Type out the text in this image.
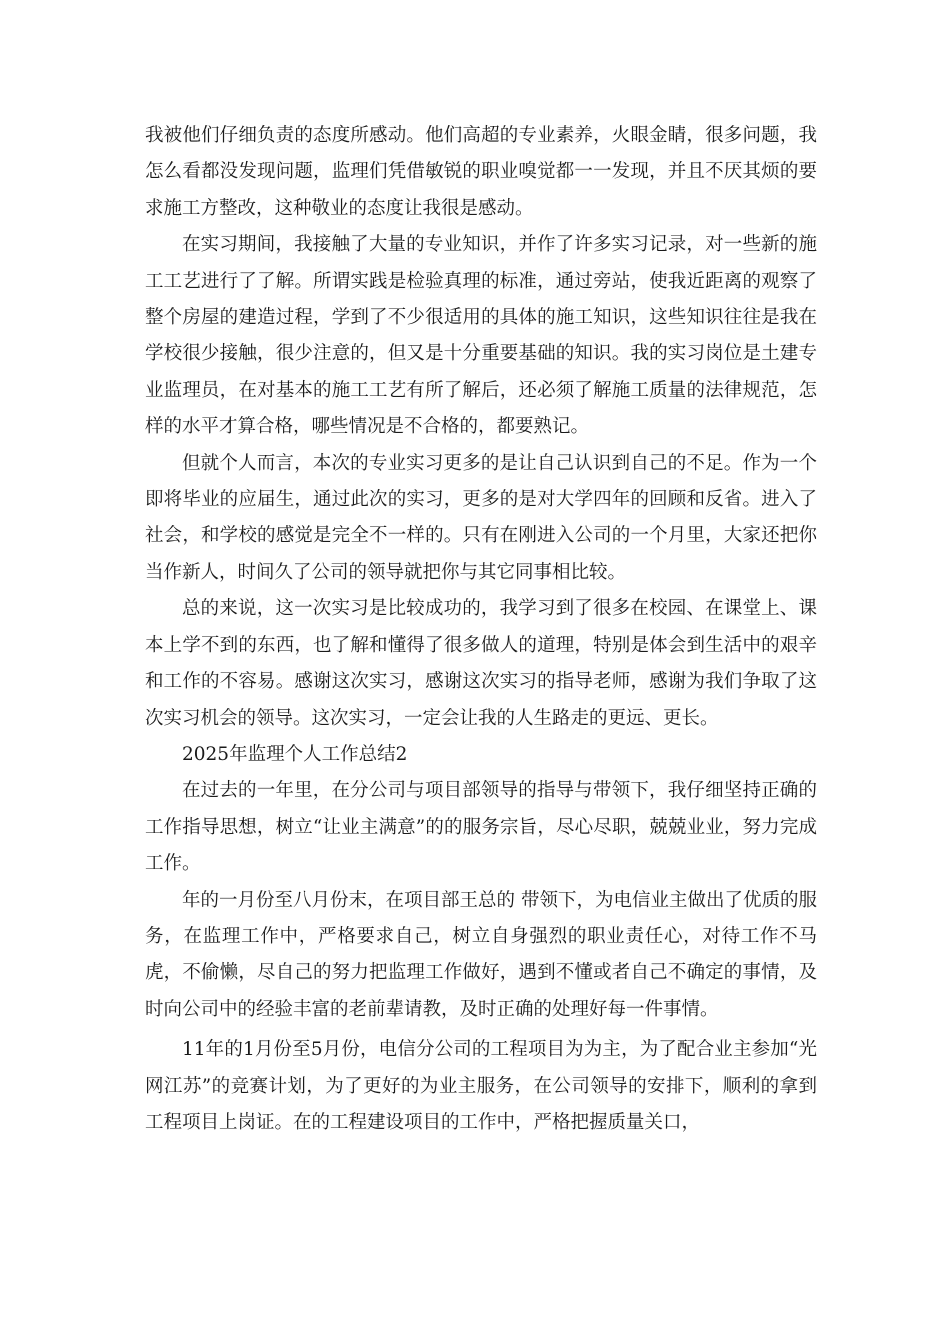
我被他们仔细负责的态度所感动。他们高超的专业素养，火眼金睛，很多问题，我怎么看都没发现问题，监理们凭借敏锐的职业嗅觉都一一发现，并且不厌其烦的要求施工方整改，这种敬业的态度让我很是感动。

在实习期间，我接触了大量的专业知识，并作了许多实习记录，对一些新的施工工艺进行了了解。所谓实践是检验真理的标准，通过旁站，使我近距离的观察了整个房屋的建造过程，学到了不少很适用的具体的施工知识，这些知识往往是我在学校很少接触，很少注意的，但又是十分重要基础的知识。我的实习岗位是土建专业监理员，在对基本的施工工艺有所了解后，还必须了解施工质量的法律规范，怎样的水平才算合格，哪些情况是不合格的，都要熟记。

但就个人而言，本次的专业实习更多的是让自己认识到自己的不足。作为一个即将毕业的应届生，通过此次的实习，更多的是对大学四年的回顾和反省。进入了社会，和学校的感觉是完全不一样的。只有在刚进入公司的一个月里，大家还把你当作新人，时间久了公司的领导就把你与其它同事相比较。

总的来说，这一次实习是比较成功的，我学习到了很多在校园、在课堂上、课本上学不到的东西，也了解和懂得了很多做人的道理，特别是体会到生活中的艰辛和工作的不容易。感谢这次实习，感谢这次实习的指导老师，感谢为我们争取了这次实习机会的领导。这次实习，一定会让我的人生路走的更远、更长。

2025年监理个人工作总结2

在过去的一年里，在分公司与项目部领导的指导与带领下，我仔细坚持正确的工作指导思想，树立“让业主满意”的的服务宗旨，尽心尽职，兢兢业业，努力完成工作。

年的一月份至八月份末，在项目部王总的 带领下，为电信业主做出了优质的服务，在监理工作中，严格要求自己，树立自身强烈的职业责任心，对待工作不马虎，不偷懒，尽自己的努力把监理工作做好，遇到不懂或者自己不确定的事情，及时向公司中的经验丰富的老前辈请教，及时正确的处理好每一件事情。

11年的1月份至5月份，电信分公司的工程项目为为主，为了配合业主参加“光网江苏”的竞赛计划，为了更好的为业主服务，在公司领导的安排下，顺利的拿到工程项目上岗证。在的工程建设项目的工作中，严格把握质量关口，
